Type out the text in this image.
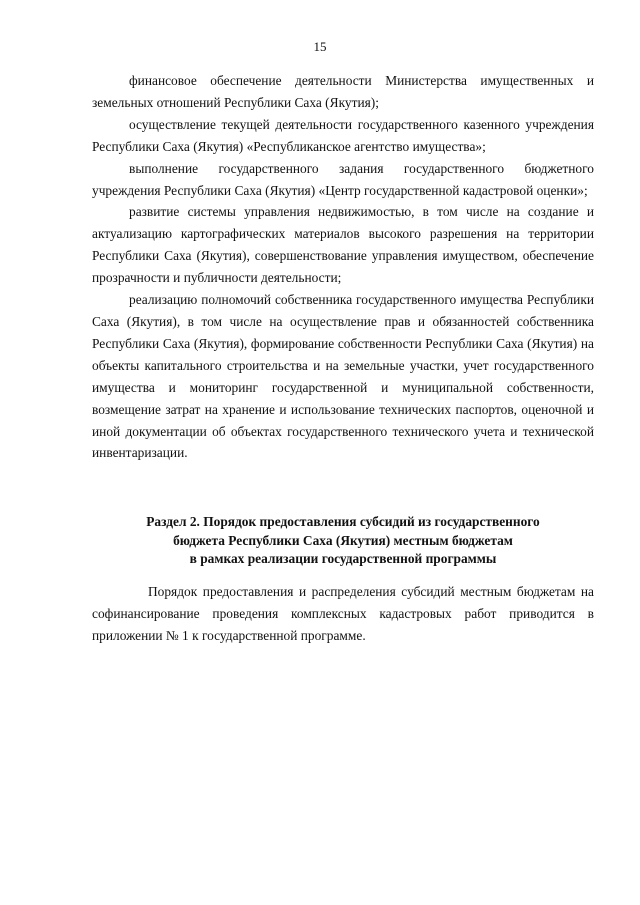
15

финансовое обеспечение деятельности Министерства имущественных и земельных отношений Республики Саха (Якутия);

осуществление текущей деятельности государственного казенного учреждения Республики Саха (Якутия) «Республиканское агентство имущества»;

выполнение государственного задания государственного бюджетного учреждения Республики Саха (Якутия) «Центр государственной кадастровой оценки»;

развитие системы управления недвижимостью, в том числе на создание и актуализацию картографических материалов высокого разрешения на территории Республики Саха (Якутия), совершенствование управления имуществом, обеспечение прозрачности и публичности деятельности;

реализацию полномочий собственника государственного имущества Республики Саха (Якутия), в том числе на осуществление прав и обязанностей собственника Республики Саха (Якутия), формирование собственности Республики Саха (Якутия) на объекты капитального строительства и на земельные участки, учет государственного имущества и мониторинг государственной и муниципальной собственности, возмещение затрат на хранение и использование технических паспортов, оценочной и иной документации об объектах государственного технического учета и технической инвентаризации.

Раздел 2. Порядок предоставления субсидий из государственного
бюджета Республики Саха (Якутия) местным бюджетам
в рамках реализации государственной программы

Порядок предоставления и распределения субсидий местным бюджетам на софинансирование проведения комплексных кадастровых работ приводится в приложении № 1 к государственной программе.
